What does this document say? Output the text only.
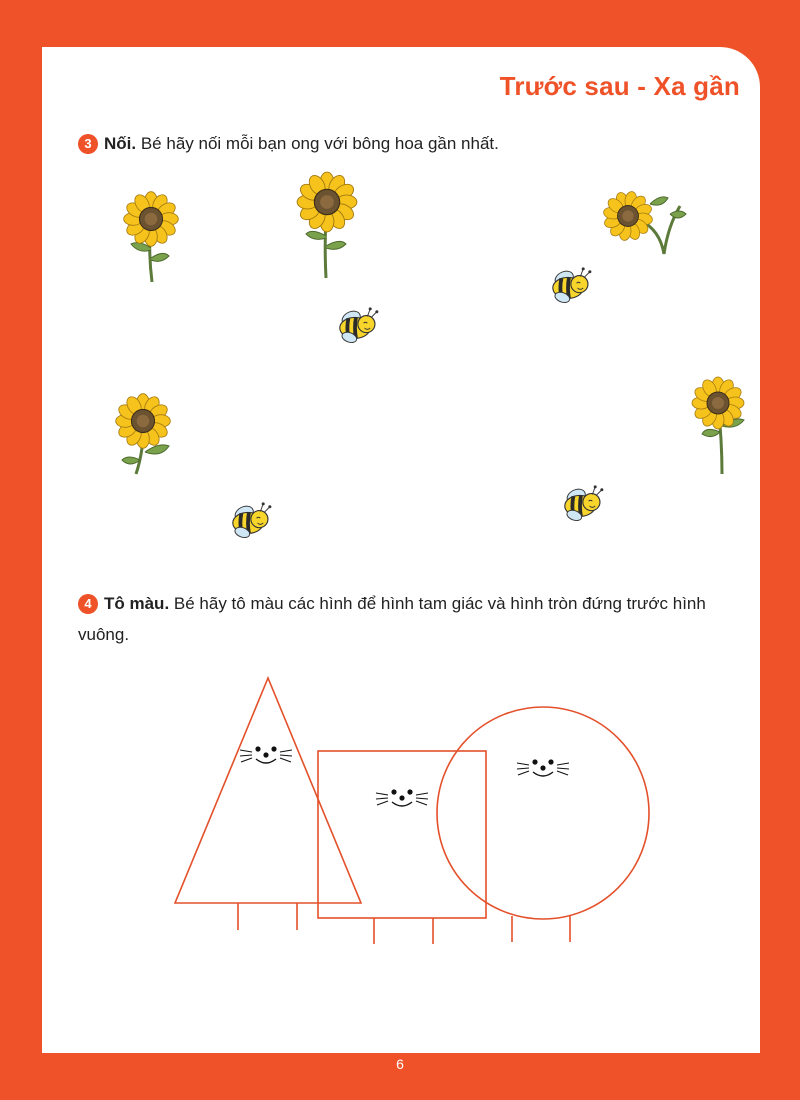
Trước sau - Xa gần
3 Nối. Bé hãy nối mỗi bạn ong với bông hoa gần nhất.
4 Tô màu. Bé hãy tô màu các hình để hình tam giác và hình tròn đứng trước hình vuông.
6
